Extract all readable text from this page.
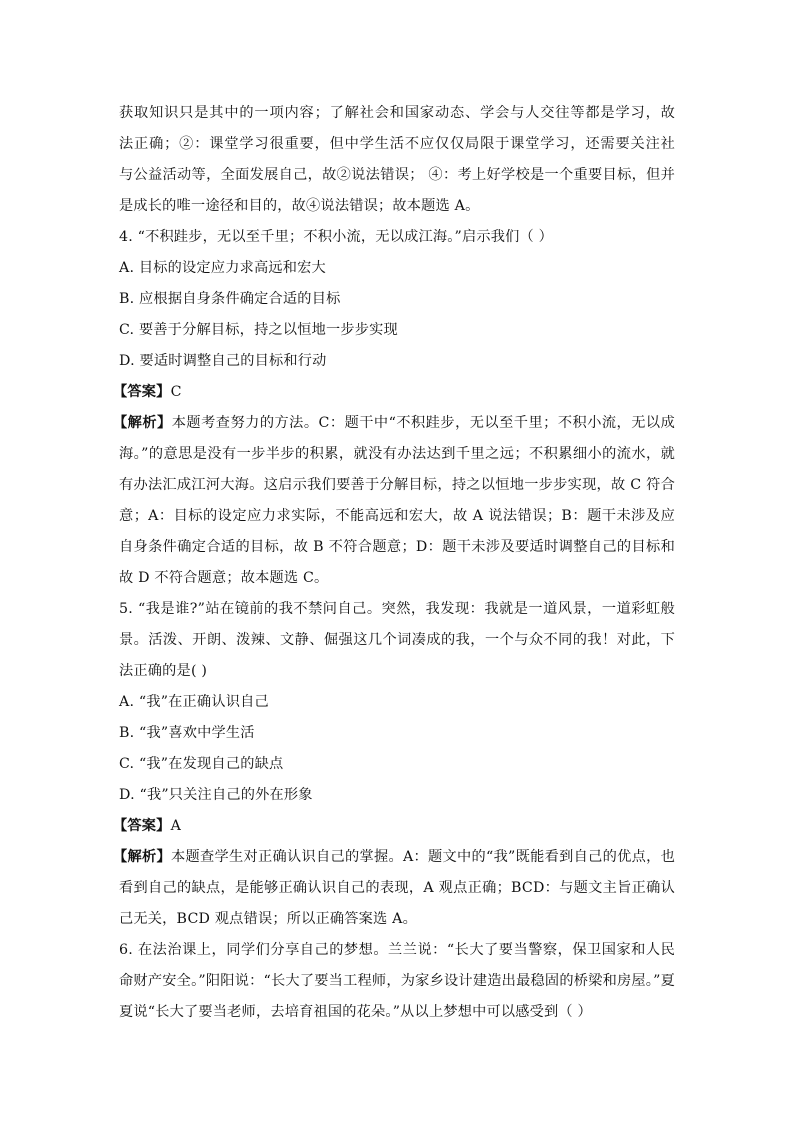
获取知识只是其中的一项内容；了解社会和国家动态、学会与人交往等都是学习，故
法正确；②：课堂学习很重要，但中学生活不应仅仅局限于课堂学习，还需要关注社
与公益活动等，全面发展自己，故②说法错误； ④：考上好学校是一个重要目标，但并
是成长的唯一途径和目的，故④说法错误；故本题选 A。
4. “不积跬步，无以至千里；不积小流，无以成江海。”启示我们（ ）
A. 目标的设定应力求高远和宏大
B. 应根据自身条件确定合适的目标
C. 要善于分解目标，持之以恒地一步步实现
D. 要适时调整自己的目标和行动
【答案】C
【解析】本题考查努力的方法。C：题干中“不积跬步，无以至千里；不积小流，无以成
海。”的意思是没有一步半步的积累，就没有办法达到千里之远；不积累细小的流水，就
有办法汇成江河大海。这启示我们要善于分解目标，持之以恒地一步步实现，故 C 符合
意；A：目标的设定应力求实际，不能高远和宏大，故 A 说法错误；B：题干未涉及应
自身条件确定合适的目标，故 B 不符合题意；D：题干未涉及要适时调整自己的目标和
故 D 不符合题意；故本题选 C。
5. “我是谁?”站在镜前的我不禁问自己。突然，我发现：我就是一道风景，一道彩虹般
景。活泼、开朗、泼辣、文静、倔强这几个词凑成的我，一个与众不同的我！对此，下
法正确的是( )
A. “我”在正确认识自己
B. “我”喜欢中学生活
C. “我”在发现自己的缺点
D. “我”只关注自己的外在形象
【答案】A
【解析】本题查学生对正确认识自己的掌握。A：题文中的“我”既能看到自己的优点，也
看到自己的缺点，是能够正确认识自己的表现，A 观点正确；BCD：与题文主旨正确认
己无关，BCD 观点错误；所以正确答案选 A。
6. 在法治课上，同学们分享自己的梦想。兰兰说：“长大了要当警察，保卫国家和人民
命财产安全。”阳阳说：“长大了要当工程师，为家乡设计建造出最稳固的桥梁和房屋。”夏
夏说“长大了要当老师，去培育祖国的花朵。”从以上梦想中可以感受到（ ）
